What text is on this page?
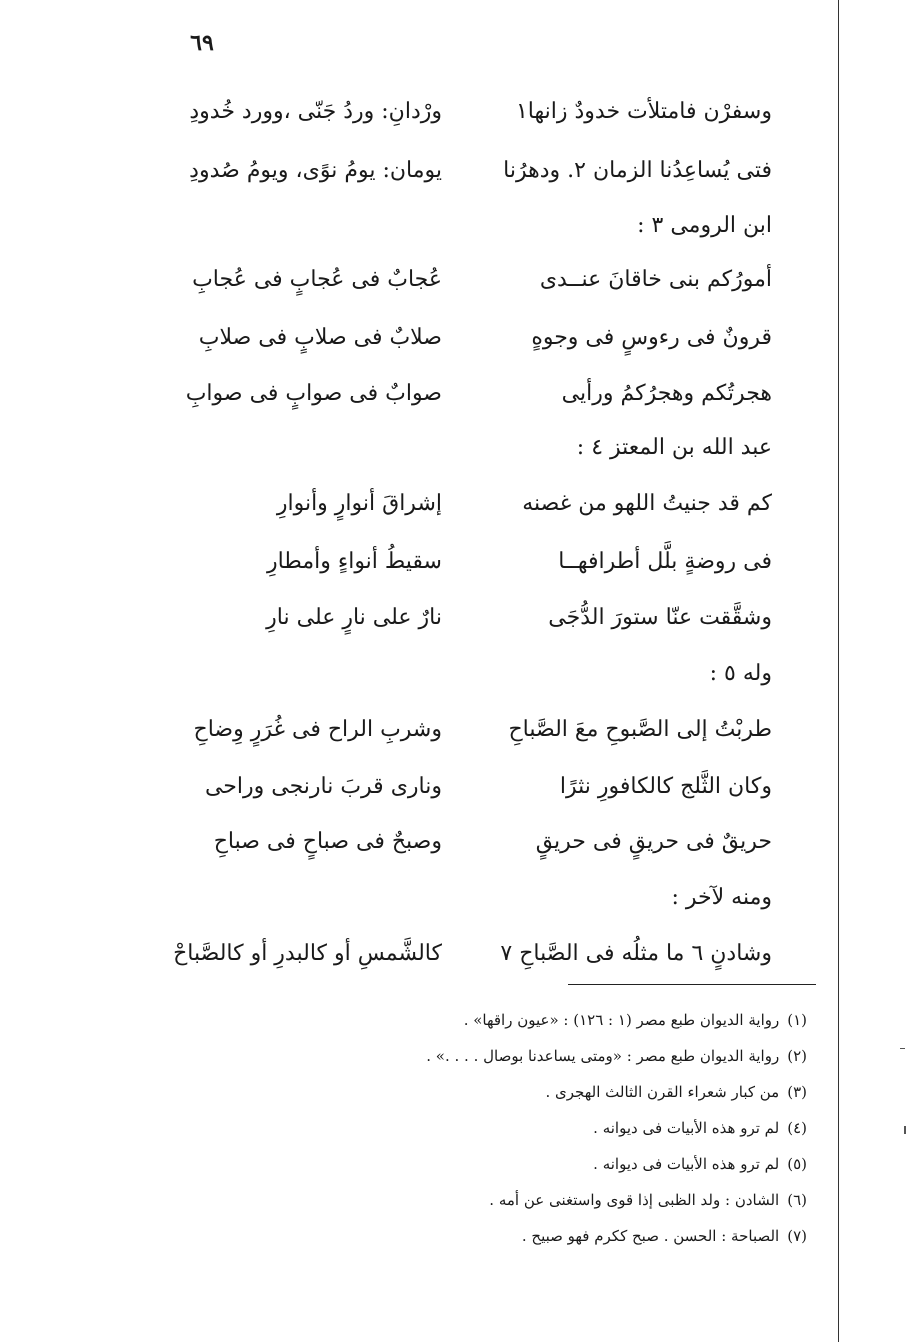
٦٩
وسفرْن فامتلأت خدودٌ زانها١
ورْدانِ: وردُ جَنّى ،وورد خُدودِ
فتى يُساعِدُنا الزمان ٢. ودهرُنا
يومان: يومُ نوًى، ويومُ صُدودِ
ابن الرومى ٣ :
أمورُكم بنى خاقانَ عنــدى
عُجابٌ فى عُجابٍ فى عُجابِ
قرونٌ فى رءوسٍ فى وجوهٍ
صلابٌ فى صلابٍ فى صلابِ
هجرتُكم وهجرُكمُ ورأيى
صوابٌ فى صوابٍ فى صوابِ
عبد الله بن المعتز ٤ :
كم قد جنيتُ اللهو من غصنه
إشراقَ أنوارٍ وأنوارِ
فى روضةٍ بلَّل أطرافهــا
سقيطُ أنواءٍ وأمطارِ
وشقَّقت عنّا ستورَ الدُّجَى
نارٌ على نارٍ على نارِ
وله ٥ :
طربْتُ إلى الصَّبوحِ معَ الصَّباحِ
وشربِ الراح فى غُرَرٍ وِضاحِ
وكان الثَّلج كالكافورِ نثرًا
ونارى قربَ نارنجى وراحى
حريقٌ فى حريقٍ فى حريقٍ
وصبحٌ فى صباحٍ فى صباحِ
ومنه لآخر :
وشادنٍ ٦ ما مثلُه فى الصَّباحِ ٧
كالشَّمسِ أو كالبدرِ أو كالصَّباحْ
(١)رواية الديوان طبع مصر (١ : ١٢٦) : «عيون راقها» .
(٢)رواية الديوان طبع مصر : «ومتى يساعدنا بوصال . . . .» .
(٣)من كبار شعراء القرن الثالث الهجرى .
(٤)لم ترو هذه الأبيات فى ديوانه .
(٥)لم ترو هذه الأبيات فى ديوانه .
(٦)الشادن : ولد الظبى إذا قوى واستغنى عن أمه .
(٧)الصباحة : الحسن . صبح ككرم فهو صبيح .
